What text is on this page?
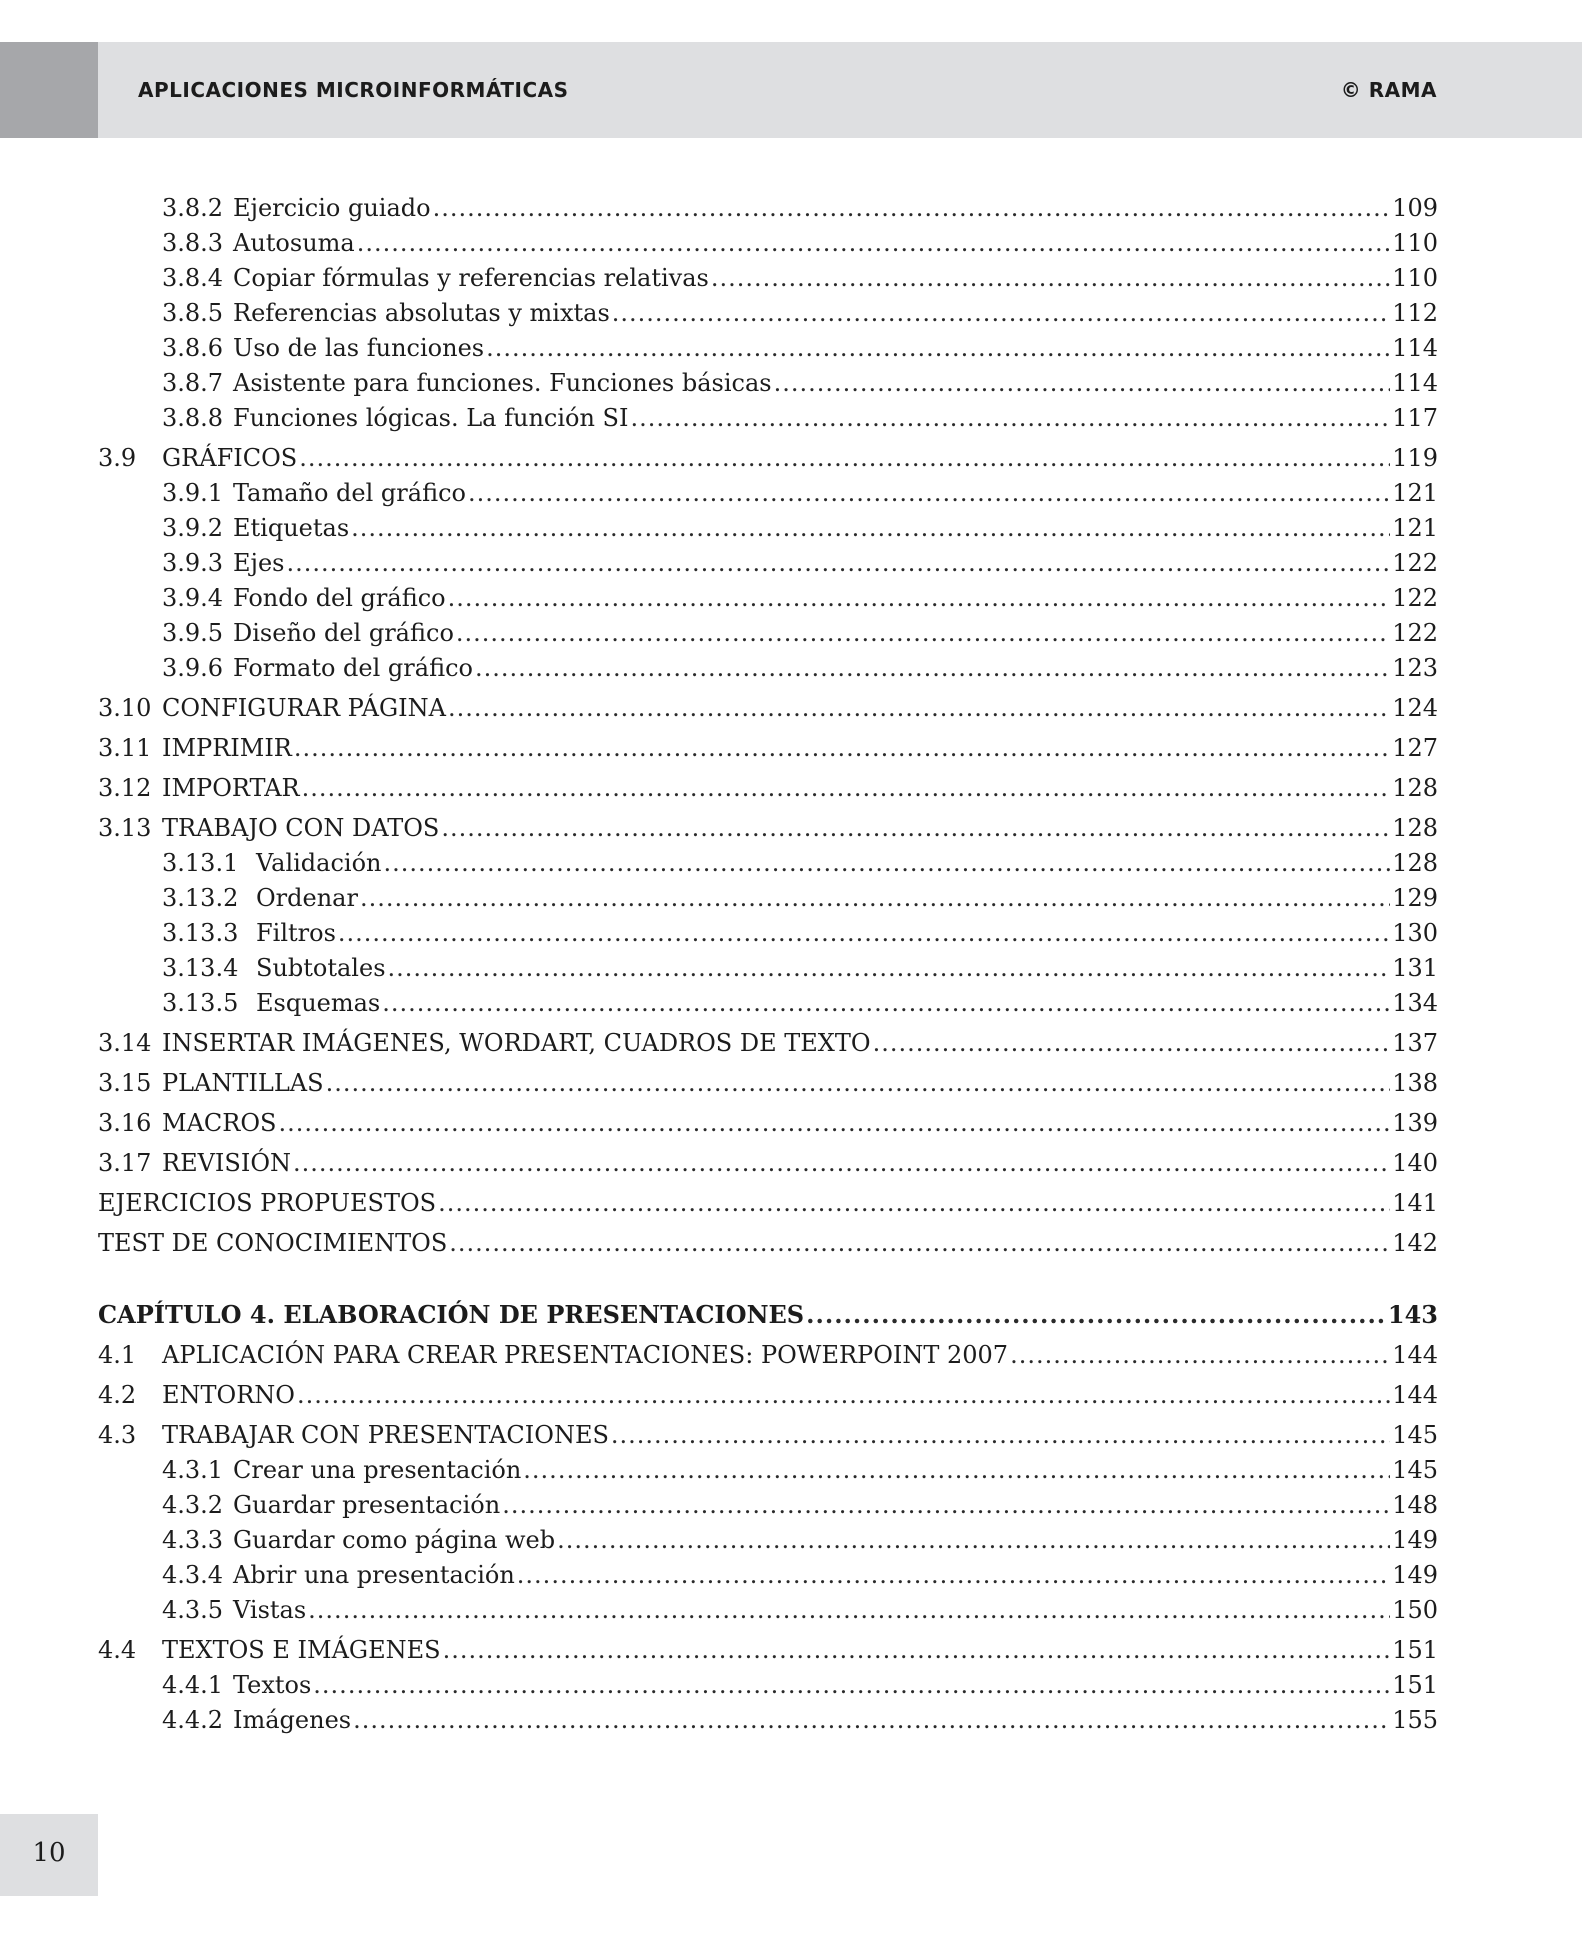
APLICACIONES MICROINFORMÁTICAS	© RAMA
3.8.2 Ejercicio guiado .....	109
3.8.3 Autosuma .....	110
3.8.4 Copiar fórmulas y referencias relativas .....	110
3.8.5 Referencias absolutas y mixtas .....	112
3.8.6 Uso de las funciones .....	114
3.8.7 Asistente para funciones. Funciones básicas .....	114
3.8.8 Funciones lógicas. La función SI .....	117
3.9	GRÁFICOS .....	119
3.9.1 Tamaño del gráfico .....	121
3.9.2 Etiquetas .....	121
3.9.3 Ejes .....	122
3.9.4 Fondo del gráfico .....	122
3.9.5 Diseño del gráfico .....	122
3.9.6 Formato del gráfico .....	123
3.10 CONFIGURAR PÁGINA .....	124
3.11 IMPRIMIR .....	127
3.12 IMPORTAR .....	128
3.13 TRABAJO CON DATOS .....	128
3.13.1 Validación .....	128
3.13.2 Ordenar .....	129
3.13.3 Filtros .....	130
3.13.4 Subtotales .....	131
3.13.5 Esquemas .....	134
3.14 INSERTAR IMÁGENES, WORDART, CUADROS DE TEXTO .....	137
3.15 PLANTILLAS .....	138
3.16 MACROS .....	139
3.17 REVISIÓN .....	140
EJERCICIOS PROPUESTOS .....	141
TEST DE CONOCIMIENTOS .....	142
CAPÍTULO 4. ELABORACIÓN DE PRESENTACIONES .....	143
4.1	APLICACIÓN PARA CREAR PRESENTACIONES: POWERPOINT 2007 .....	144
4.2	ENTORNO .....	144
4.3	TRABAJAR CON PRESENTACIONES .....	145
4.3.1 Crear una presentación .....	145
4.3.2 Guardar presentación .....	148
4.3.3 Guardar como página web .....	149
4.3.4 Abrir una presentación .....	149
4.3.5 Vistas .....	150
4.4	TEXTOS E IMÁGENES .....	151
4.4.1 Textos .....	151
4.4.2 Imágenes .....	155
10
